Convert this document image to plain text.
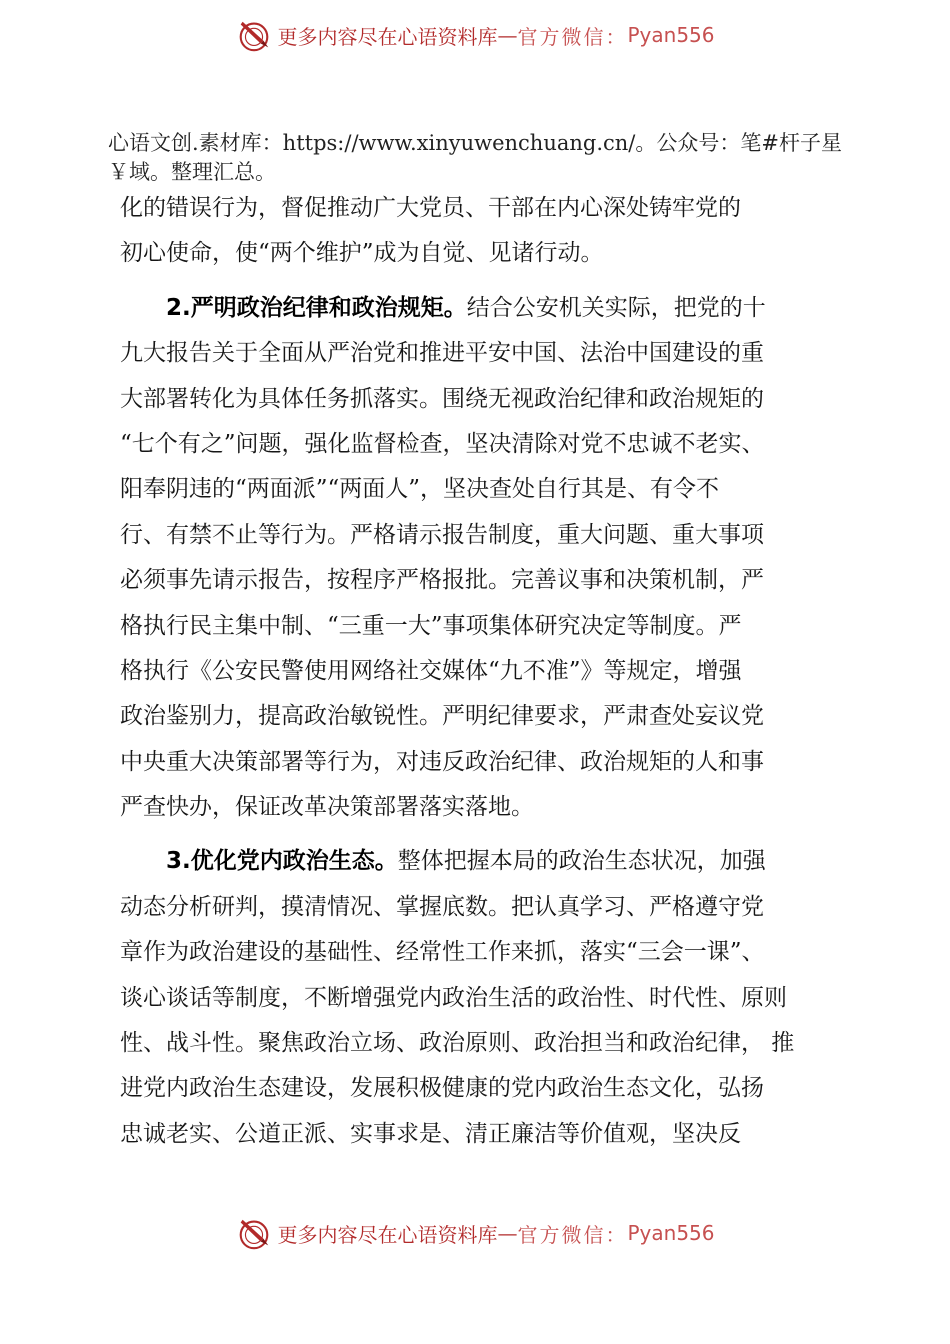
更多内容尽在心语资料库 — 官方微信： Pyan556

心语文创.素材库：https://www.xinyuwenchuang.cn/。公众号：笔#杆子星￥域。整理汇总。

化的错误行为，督促推动广大党员、干部在内心深处铸牢党的
初心使命，使“两个维护”成为自觉、见诸行动。
2.严明政治纪律和政治规矩。结合公安机关实际，把党的十
九大报告关于全面从严治党和推进平安中国、法治中国建设的重
大部署转化为具体任务抓落实。围绕无视政治纪律和政治规矩的
“七个有之”问题，强化监督检查，坚决清除对党不忠诚不老实、
阳奉阴违的“两面派”“两面人”，坚决查处自行其是、有令不
行、有禁不止等行为。严格请示报告制度，重大问题、重大事项
必须事先请示报告，按程序严格报批。完善议事和决策机制，严
格执行民主集中制、“三重一大”事项集体研究决定等制度。严
格执行《公安民警使用网络社交媒体“九不准”》等规定，增强
政治鉴别力，提高政治敏锐性。严明纪律要求，严肃查处妄议党
中央重大决策部署等行为，对违反政治纪律、政治规矩的人和事
严查快办，保证改革决策部署落实落地。
3.优化党内政治生态。整体把握本局的政治生态状况，加强
动态分析研判，摸清情况、掌握底数。把认真学习、严格遵守党
章作为政治建设的基础性、经常性工作来抓，落实“三会一课”、
谈心谈话等制度，不断增强党内政治生活的政治性、时代性、原则
性、战斗性。聚焦政治立场、政治原则、政治担当和政治纪律， 推
进党内政治生态建设，发展积极健康的党内政治生态文化，弘扬
忠诚老实、公道正派、实事求是、清正廉洁等价值观，坚决反
更多内容尽在心语资料库 — 官方微信： Pyan556
